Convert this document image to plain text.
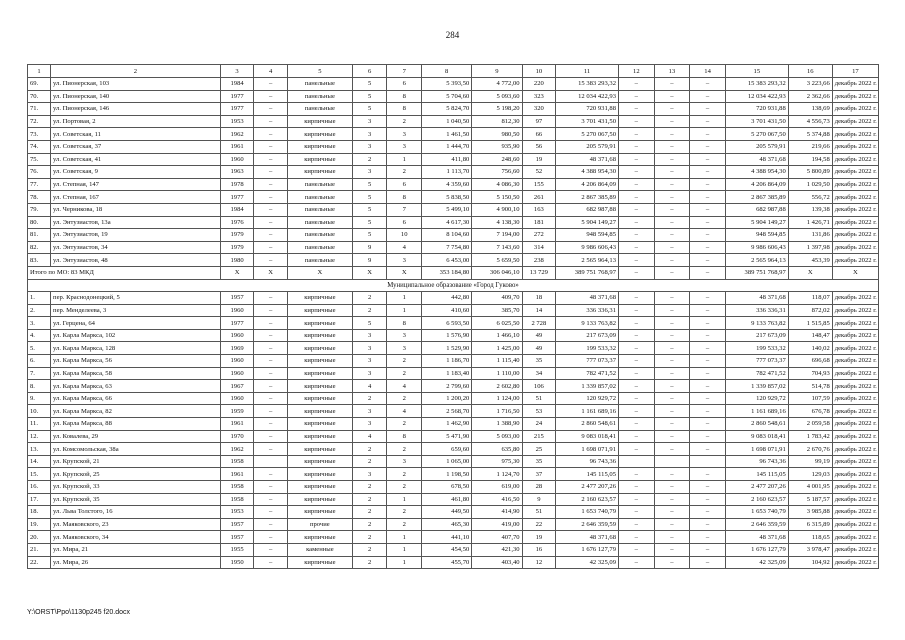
284
1	2	3	4	5	6	7	8	9	10	11	12	13	14	15	16	17
69.	ул. Пионерская, 103	1984	–	панельные	5	6	5 393,50	4 772,00	220	15 383 293,32	–	–	–	15 383 293,32	3 223,66	декабрь 2022 г.
70.	ул. Пионерская, 140	1977	–	панельные	5	8	5 704,60	5 093,60	323	12 034 422,93	–	–	–	12 034 422,93	2 362,66	декабрь 2022 г.
71.	ул. Пионерская, 146	1977	–	панельные	5	8	5 824,70	5 198,20	320	720 931,88	–	–	–	720 931,88	138,69	декабрь 2022 г.
72.	ул. Портовая, 2	1953	–	кирпичные	3	2	1 040,50	812,30	97	3 701 431,50	–	–	–	3 701 431,50	4 556,73	декабрь 2022 г.
73.	ул. Советская, 11	1962	–	кирпичные	3	3	1 461,50	980,50	66	5 270 067,50	–	–	–	5 270 067,50	5 374,88	декабрь 2022 г.
74.	ул. Советская, 37	1961	–	кирпичные	3	3	1 444,70	935,90	56	205 579,91	–	–	–	205 579,91	219,66	декабрь 2022 г.
75.	ул. Советская, 41	1960	–	кирпичные	2	1	411,80	248,60	19	48 371,68	–	–	–	48 371,68	194,58	декабрь 2022 г.
76.	ул. Советская, 9	1963	–	кирпичные	3	2	1 113,70	756,60	52	4 388 954,30	–	–	–	4 388 954,30	5 800,89	декабрь 2022 г.
77.	ул. Степная, 147	1978	–	панельные	5	6	4 359,60	4 086,30	155	4 206 864,09	–	–	–	4 206 864,09	1 029,50	декабрь 2022 г.
78.	ул. Степная, 167	1977	–	панельные	5	8	5 838,50	5 150,50	261	2 867 385,89	–	–	–	2 867 385,89	556,72	декабрь 2022 г.
79.	ул. Черникова, 18	1984	–	панельные	5	7	5 499,10	4 900,10	163	682 987,88	–	–	–	682 987,88	139,38	декабрь 2022 г.
80.	ул. Энтузиастов, 13а	1976	–	панельные	5	6	4 617,30	4 138,30	181	5 904 149,27	–	–	–	5 904 149,27	1 426,71	декабрь 2022 г.
81.	ул. Энтузиастов, 19	1979	–	панельные	5	10	8 104,60	7 194,00	272	948 594,85	–	–	–	948 594,85	131,86	декабрь 2022 г.
82.	ул. Энтузиастов, 34	1979	–	панельные	9	4	7 754,80	7 143,60	314	9 986 606,43	–	–	–	9 986 606,43	1 397,98	декабрь 2022 г.
83.	ул. Энтузиастов, 48	1980	–	панельные	9	3	6 453,00	5 659,50	238	2 565 964,13	–	–	–	2 565 964,13	453,39	декабрь 2022 г.
Итого по МО: 83 МКД		X	X	X	X	X	353 184,80	306 046,10	13 729	389 751 768,97	–	–	–	389 751 768,97	X	X
Муниципальное образование «Город Гуково»																
1.	пер. Краснодонецкий, 5	1957	–	кирпичные	2	1	442,80	409,70	18	48 371,68	–	–	–	48 371,68	118,07	декабрь 2022 г.
2.	пер. Менделеева, 3	1960	–	кирпичные	2	1	410,60	385,70	14	336 336,31	–	–	–	336 336,31	872,02	декабрь 2022 г.
3.	ул. Герцена, 64	1977	–	кирпичные	5	8	6 593,50	6 025,50	2 728	9 133 763,82	–	–	–	9 133 763,82	1 515,85	декабрь 2022 г.
4.	ул. Карла Маркса, 102	1960	–	кирпичные	3	3	1 576,90	1 466,10	49	217 673,09	–	–	–	217 673,09	148,47	декабрь 2022 г.
5.	ул. Карла Маркса, 128	1969	–	кирпичные	3	3	1 529,90	1 425,00	49	199 533,32	–	–	–	199 533,32	140,02	декабрь 2022 г.
6.	ул. Карла Маркса, 56	1960	–	кирпичные	3	2	1 186,70	1 115,40	35	777 073,37	–	–	–	777 073,37	696,68	декабрь 2022 г.
7.	ул. Карла Маркса, 58	1960	–	кирпичные	3	2	1 183,40	1 110,00	34	782 471,52	–	–	–	782 471,52	704,93	декабрь 2022 г.
8.	ул. Карла Маркса, 63	1967	–	кирпичные	4	4	2 799,60	2 602,80	106	1 339 857,02	–	–	–	1 339 857,02	514,78	декабрь 2022 г.
9.	ул. Карла Маркса, 66	1960	–	кирпичные	2	2	1 200,20	1 124,00	51	120 929,72	–	–	–	120 929,72	107,59	декабрь 2022 г.
10.	ул. Карла Маркса, 82	1959	–	кирпичные	3	4	2 568,70	1 716,50	53	1 161 689,16	–	–	–	1 161 689,16	676,78	декабрь 2022 г.
11.	ул. Карла Маркса, 88	1961	–	кирпичные	3	2	1 462,90	1 388,90	24	2 860 548,61	–	–	–	2 860 548,61	2 059,58	декабрь 2022 г.
12.	ул. Ковалева, 29	1970	–	кирпичные	4	8	5 471,90	5 093,00	215	9 083 018,41	–	–	–	9 083 018,41	1 783,42	декабрь 2022 г.
13.	ул. Комсомольская, 38а	1962	–	кирпичные	2	2	659,60	635,80	25	1 698 071,91	–	–	–	1 698 071,91	2 670,76	декабрь 2022 г.
14.	ул. Крупской, 21	1958		кирпичные	2	3	1 065,00	975,30	35	96 743,36				96 743,36	99,19	декабрь 2022 г.
15.	ул. Крупской, 25	1961	–	кирпичные	3	2	1 198,50	1 124,70	37	145 115,05	–	–	–	145 115,05	129,03	декабрь 2022 г.
16.	ул. Крупской, 33	1958	–	кирпичные	2	2	678,50	619,00	28	2 477 207,26	–	–	–	2 477 207,26	4 001,95	декабрь 2022 г.
17.	ул. Крупской, 35	1958	–	кирпичные	2	1	461,80	416,50	9	2 160 623,57	–	–	–	2 160 623,57	5 187,57	декабрь 2022 г.
18.	ул. Льва Толстого, 16	1953	–	кирпичные	2	2	449,50	414,90	51	1 653 740,79	–	–	–	1 653 740,79	3 985,88	декабрь 2022 г.
19.	ул. Маяковского, 23	1957	–	прочие	2	2	465,30	419,00	22	2 646 359,59	–	–	–	2 646 359,59	6 315,89	декабрь 2022 г.
20.	ул. Маяковского, 34	1957	–	кирпичные	2	1	441,10	407,70	19	48 371,68	–	–	–	48 371,68	118,65	декабрь 2022 г.
21.	ул. Мира, 21	1955	–	каменные	2	1	454,50	421,30	16	1 676 127,79	–	–	–	1 676 127,79	3 978,47	декабрь 2022 г.
22.	ул. Мира, 26	1950	–	кирпичные	2	1	455,70	403,40	12	42 325,09	–	–	–	42 325,09	104,92	декабрь 2022 г.
Y:\ORST\Ppo\1130p245 f20.docx
